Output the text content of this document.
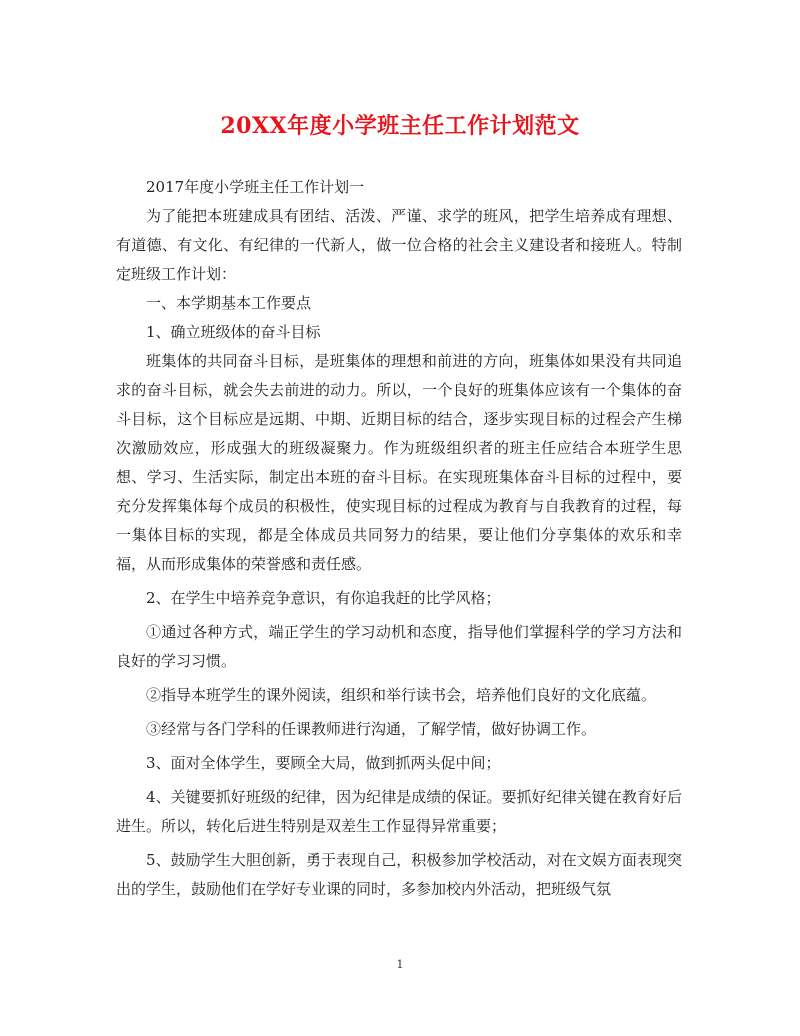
20XX年度小学班主任工作计划范文

2017年度小学班主任工作计划一

为了能把本班建成具有团结、活泼、严谨、求学的班风，把学生培养成有理想、有道德、有文化、有纪律的一代新人，做一位合格的社会主义建设者和接班人。特制定班级工作计划：

一、本学期基本工作要点

1、确立班级体的奋斗目标

班集体的共同奋斗目标，是班集体的理想和前进的方向，班集体如果没有共同追求的奋斗目标，就会失去前进的动力。所以，一个良好的班集体应该有一个集体的奋斗目标，这个目标应是远期、中期、近期目标的结合，逐步实现目标的过程会产生梯次激励效应，形成强大的班级凝聚力。作为班级组织者的班主任应结合本班学生思想、学习、生活实际，制定出本班的奋斗目标。在实现班集体奋斗目标的过程中，要充分发挥集体每个成员的积极性，使实现目标的过程成为教育与自我教育的过程，每一集体目标的实现，都是全体成员共同努力的结果，要让他们分享集体的欢乐和幸福，从而形成集体的荣誉感和责任感。

2、在学生中培养竞争意识，有你追我赶的比学风格；

①通过各种方式，端正学生的学习动机和态度，指导他们掌握科学的学习方法和良好的学习习惯。

②指导本班学生的课外阅读，组织和举行读书会，培养他们良好的文化底蕴。

③经常与各门学科的任课教师进行沟通，了解学情，做好协调工作。

3、面对全体学生，要顾全大局，做到抓两头促中间；

4、关键要抓好班级的纪律，因为纪律是成绩的保证。要抓好纪律关键在教育好后进生。所以，转化后进生特别是双差生工作显得异常重要；

5、鼓励学生大胆创新，勇于表现自己，积极参加学校活动，对在文娱方面表现突出的学生，鼓励他们在学好专业课的同时，多参加校内外活动，把班级气氛

1
